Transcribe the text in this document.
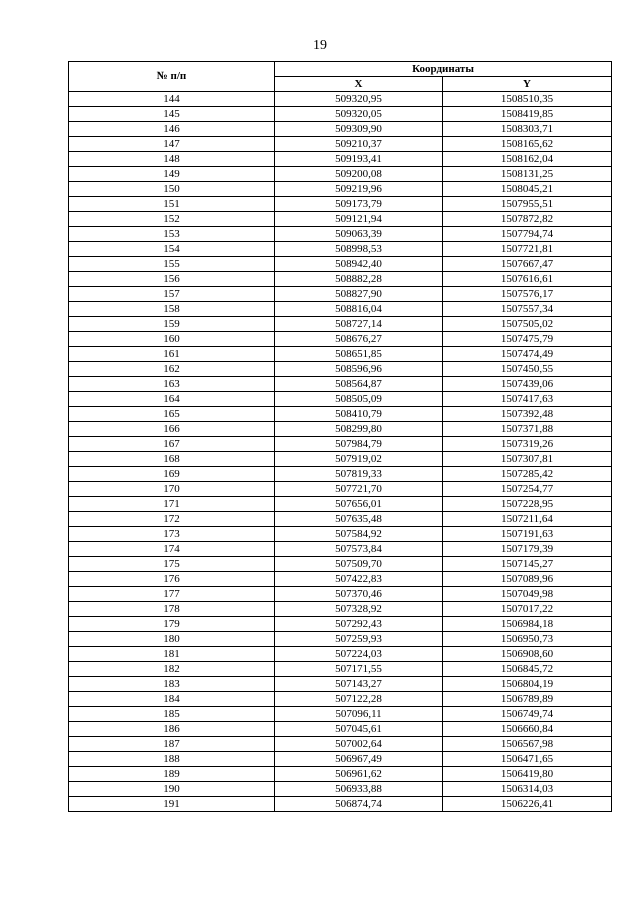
19
№ п/п	Координаты	
	X	Y
144	509320,95	1508510,35
145	509320,05	1508419,85
146	509309,90	1508303,71
147	509210,37	1508165,62
148	509193,41	1508162,04
149	509200,08	1508131,25
150	509219,96	1508045,21
151	509173,79	1507955,51
152	509121,94	1507872,82
153	509063,39	1507794,74
154	508998,53	1507721,81
155	508942,40	1507667,47
156	508882,28	1507616,61
157	508827,90	1507576,17
158	508816,04	1507557,34
159	508727,14	1507505,02
160	508676,27	1507475,79
161	508651,85	1507474,49
162	508596,96	1507450,55
163	508564,87	1507439,06
164	508505,09	1507417,63
165	508410,79	1507392,48
166	508299,80	1507371,88
167	507984,79	1507319,26
168	507919,02	1507307,81
169	507819,33	1507285,42
170	507721,70	1507254,77
171	507656,01	1507228,95
172	507635,48	1507211,64
173	507584,92	1507191,63
174	507573,84	1507179,39
175	507509,70	1507145,27
176	507422,83	1507089,96
177	507370,46	1507049,98
178	507328,92	1507017,22
179	507292,43	1506984,18
180	507259,93	1506950,73
181	507224,03	1506908,60
182	507171,55	1506845,72
183	507143,27	1506804,19
184	507122,28	1506789,89
185	507096,11	1506749,74
186	507045,61	1506660,84
187	507002,64	1506567,98
188	506967,49	1506471,65
189	506961,62	1506419,80
190	506933,88	1506314,03
191	506874,74	1506226,41
